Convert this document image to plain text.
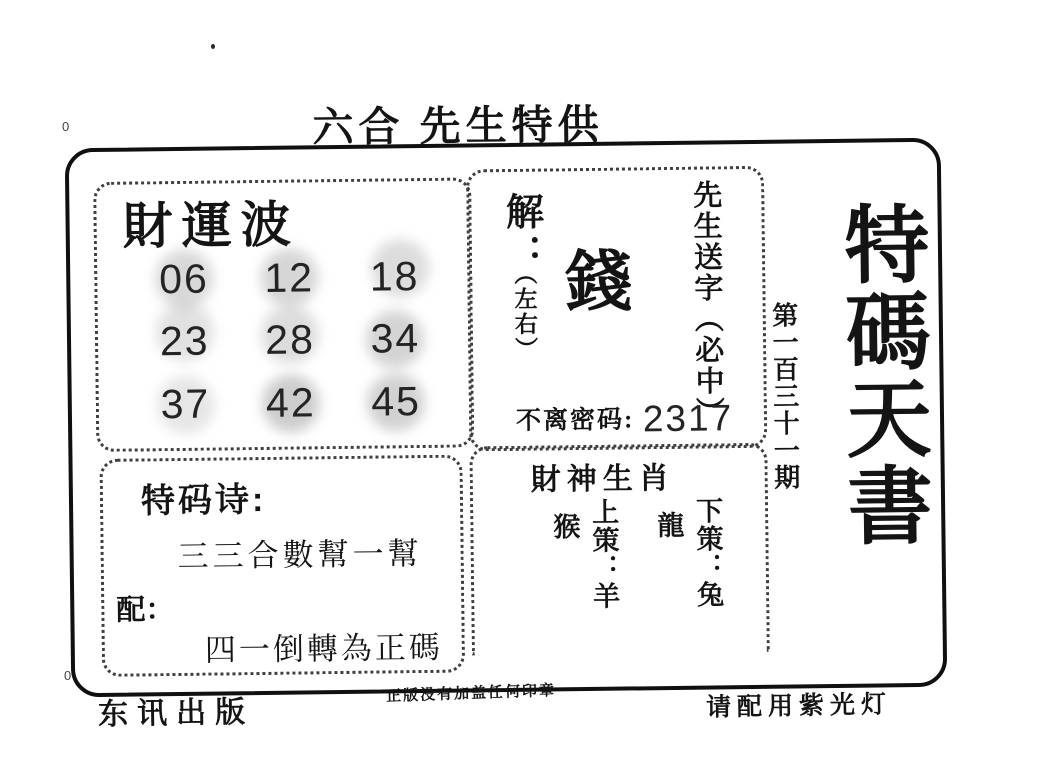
0
0
六合 先生特供
財運波
06 12 18
23 28 34
37 42 45
解：
（左右） 錢 先生送字（必中）
不离密码: 2317
特码诗:
三三合數幫一幫
配：
四一倒轉為正碼
財神生肖
上策：羊猴	下策：兔龍
第一百三十一期 特碼天書
东讯出版
正版没有加盖任何印章	请配用紫光灯
